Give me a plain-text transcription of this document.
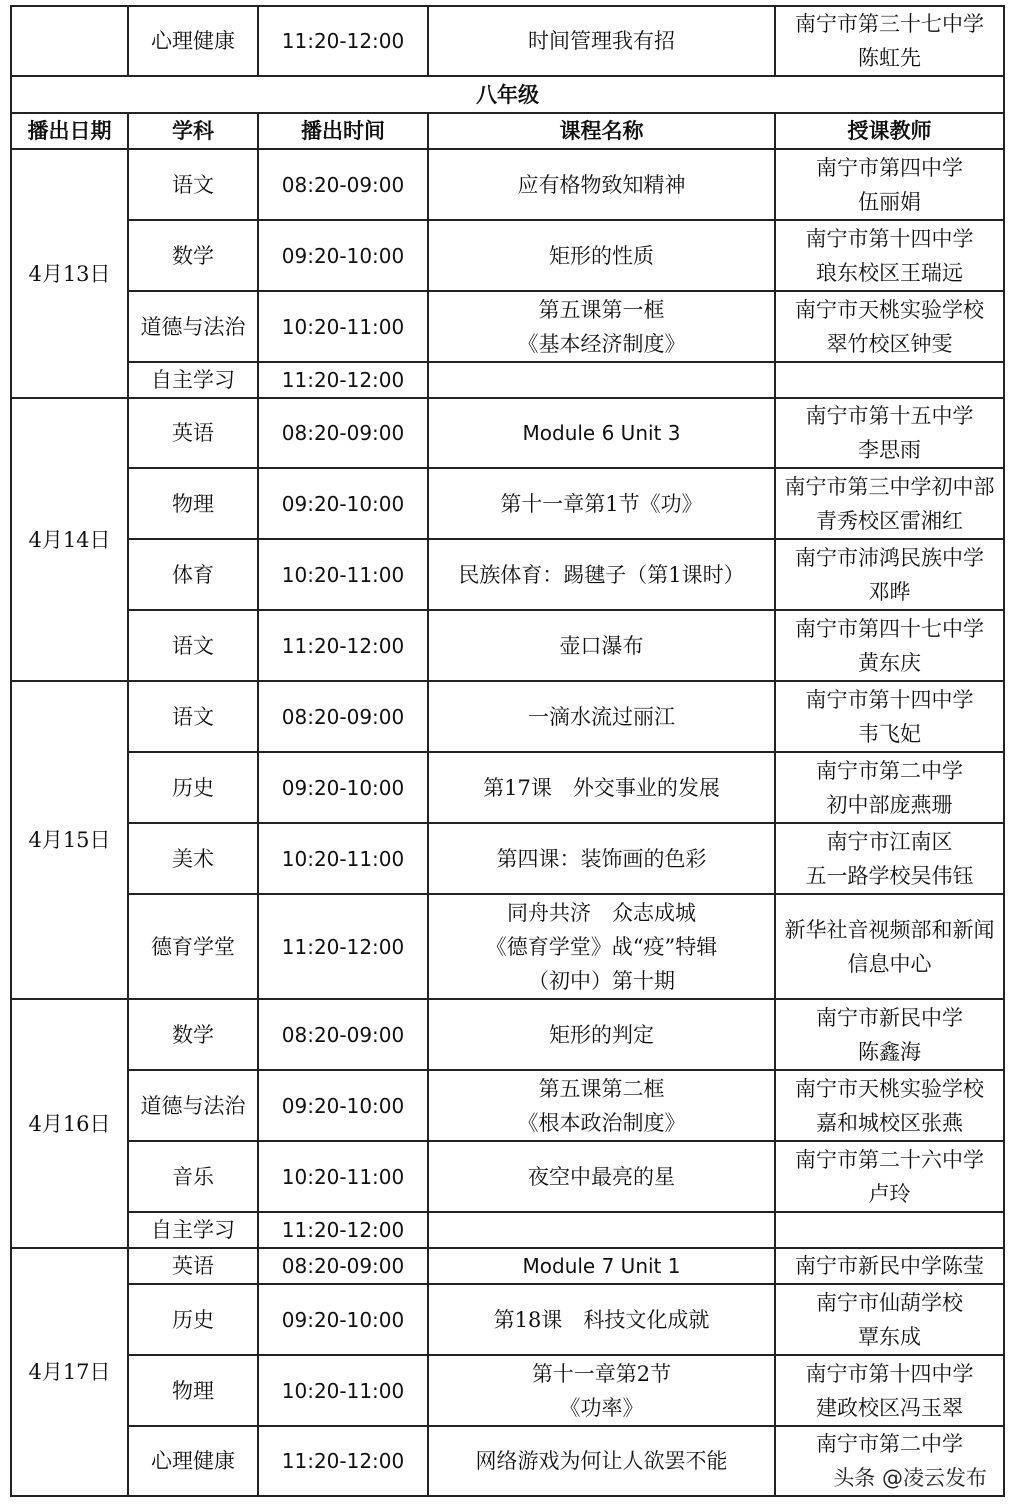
	心理健康	11:20-12:00	时间管理我有招	南宁市第三十七中学
陈虹先
八年级				
播出日期	学科	播出时间	课程名称	授课教师
4月13日	语文	08:20-09:00	应有格物致知精神	南宁市第四中学
伍丽娟
	数学	09:20-10:00	矩形的性质	南宁市第十四中学
琅东校区王瑞远
	道德与法治	10:20-11:00	第五课第一框
《基本经济制度》	南宁市天桃实验学校
翠竹校区钟雯
	自主学习	11:20-12:00		
4月14日	英语	08:20-09:00	Module 6 Unit 3	南宁市第十五中学
李思雨
	物理	09:20-10:00	第十一章第1节《功》	南宁市第三中学初中部
青秀校区雷湘红
	体育	10:20-11:00	民族体育：踢毽子（第1课时）	南宁市沛鸿民族中学
邓晔
	语文	11:20-12:00	壶口瀑布	南宁市第四十七中学
黄东庆
4月15日	语文	08:20-09:00	一滴水流过丽江	南宁市第十四中学
韦飞妃
	历史	09:20-10:00	第17课　外交事业的发展	南宁市第二中学
初中部庞燕珊
	美术	10:20-11:00	第四课：装饰画的色彩	南宁市江南区
五一路学校吴伟钰
	德育学堂	11:20-12:00	同舟共济　众志成城
《德育学堂》战“疫”特辑
（初中）第十期	新华社音视频部和新闻
信息中心
4月16日	数学	08:20-09:00	矩形的判定	南宁市新民中学
陈鑫海
	道德与法治	09:20-10:00	第五课第二框
《根本政治制度》	南宁市天桃实验学校
嘉和城校区张燕
	音乐	10:20-11:00	夜空中最亮的星	南宁市第二十六中学
卢玲
	自主学习	11:20-12:00		
4月17日	英语	08:20-09:00	Module 7 Unit 1	南宁市新民中学陈莹
	历史	09:20-10:00	第18课　科技文化成就	南宁市仙葫学校
覃东成
	物理	10:20-11:00	第十一章第2节
《功率》	南宁市第十四中学
建政校区冯玉翠
	心理健康	11:20-12:00	网络游戏为何让人欲罢不能	南宁市第二中学
头条 @凌云发布
